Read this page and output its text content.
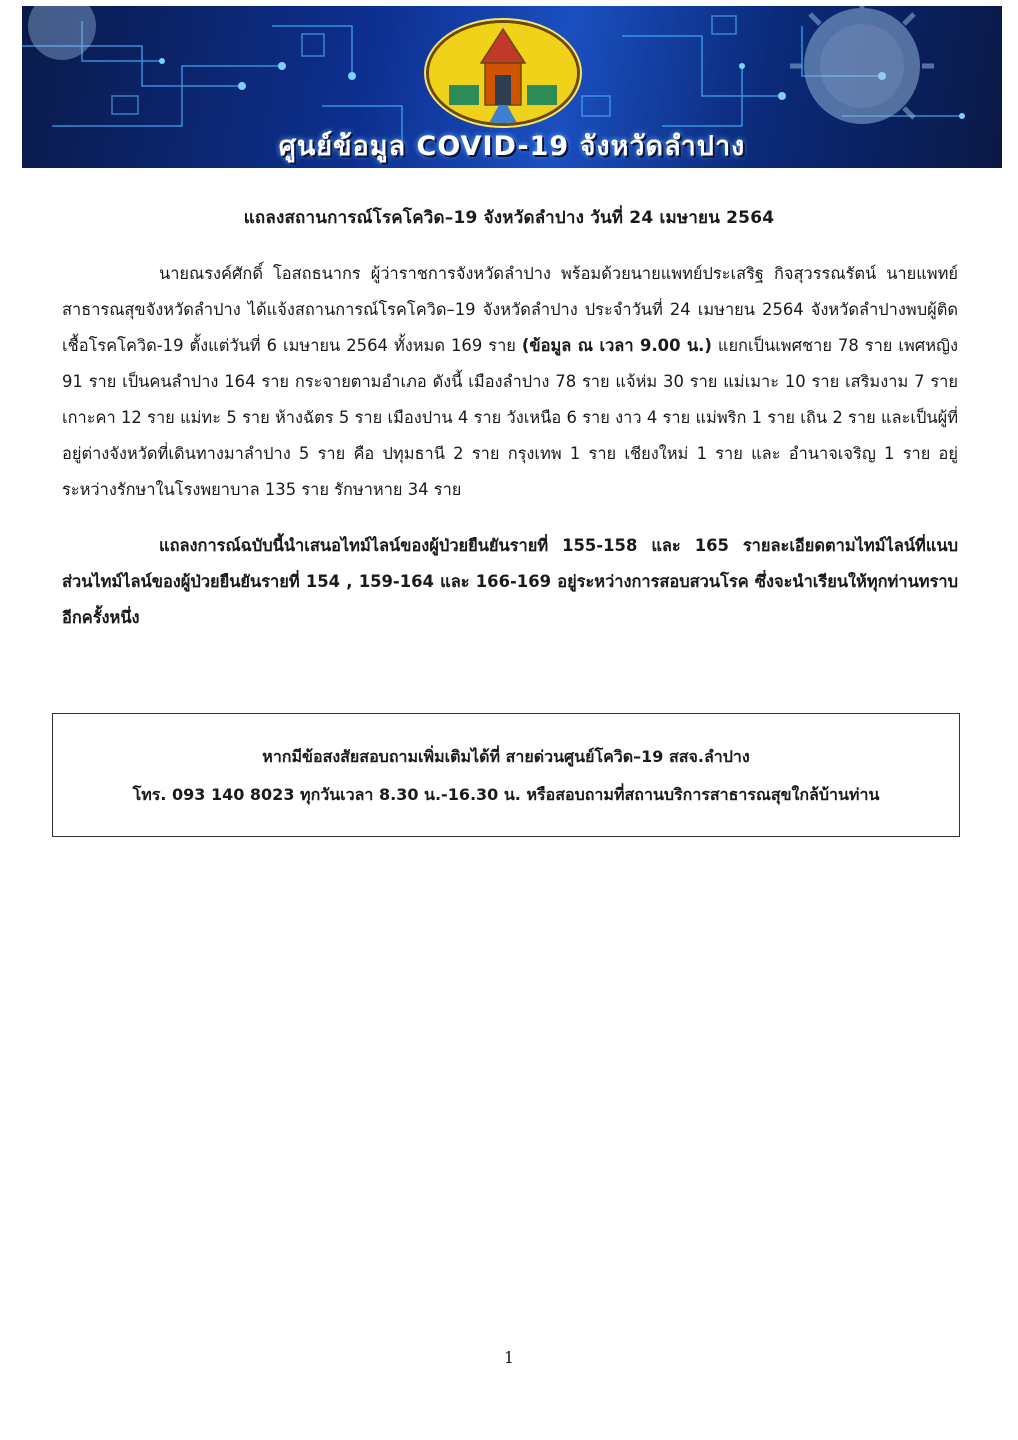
ศูนย์ข้อมูล COVID-19 จังหวัดลำปาง
แถลงสถานการณ์โรคโควิด–19 จังหวัดลำปาง วันที่ 24 เมษายน 2564
นายณรงค์ศักดิ์ โอสถธนากร ผู้ว่าราชการจังหวัดลำปาง พร้อมด้วยนายแพทย์ประเสริฐ กิจสุวรรณรัตน์ นายแพทย์สาธารณสุขจังหวัดลำปาง ได้แจ้งสถานการณ์โรคโควิด–19 จังหวัดลำปาง ประจำวันที่ 24 เมษายน 2564 จังหวัดลำปางพบผู้ติดเชื้อโรคโควิด-19 ตั้งแต่วันที่ 6 เมษายน 2564 ทั้งหมด 169 ราย (ข้อมูล ณ เวลา 9.00 น.) แยกเป็นเพศชาย 78 ราย เพศหญิง 91 ราย เป็นคนลำปาง 164 ราย กระจายตามอำเภอ ดังนี้ เมืองลำปาง 78 ราย แจ้ห่ม 30 ราย แม่เมาะ 10 ราย เสริมงาม 7 ราย เกาะคา 12 ราย แม่ทะ 5 ราย ห้างฉัตร 5 ราย เมืองปาน 4 ราย วังเหนือ 6 ราย งาว 4 ราย แม่พริก 1 ราย เถิน 2 ราย และเป็นผู้ที่อยู่ต่างจังหวัดที่เดินทางมาลำปาง 5 ราย คือ ปทุมธานี 2 ราย กรุงเทพ 1 ราย เชียงใหม่ 1 ราย และ อำนาจเจริญ 1 ราย อยู่ระหว่างรักษาในโรงพยาบาล 135 ราย รักษาหาย 34 ราย
แถลงการณ์ฉบับนี้นำเสนอไทม์ไลน์ของผู้ป่วยยืนยันรายที่ 155-158 และ 165 รายละเอียดตามไทม์ไลน์ที่แนบ ส่วนไทม์ไลน์ของผู้ป่วยยืนยันรายที่ 154 , 159-164 และ 166-169 อยู่ระหว่างการสอบสวนโรค ซึ่งจะนำเรียนให้ทุกท่านทราบอีกครั้งหนึ่ง
หากมีข้อสงสัยสอบถามเพิ่มเติมได้ที่ สายด่วนศูนย์โควิด–19 สสจ.ลำปาง
โทร. 093 140 8023 ทุกวันเวลา 8.30 น.-16.30 น. หรือสอบถามที่สถานบริการสาธารณสุขใกล้บ้านท่าน
1
